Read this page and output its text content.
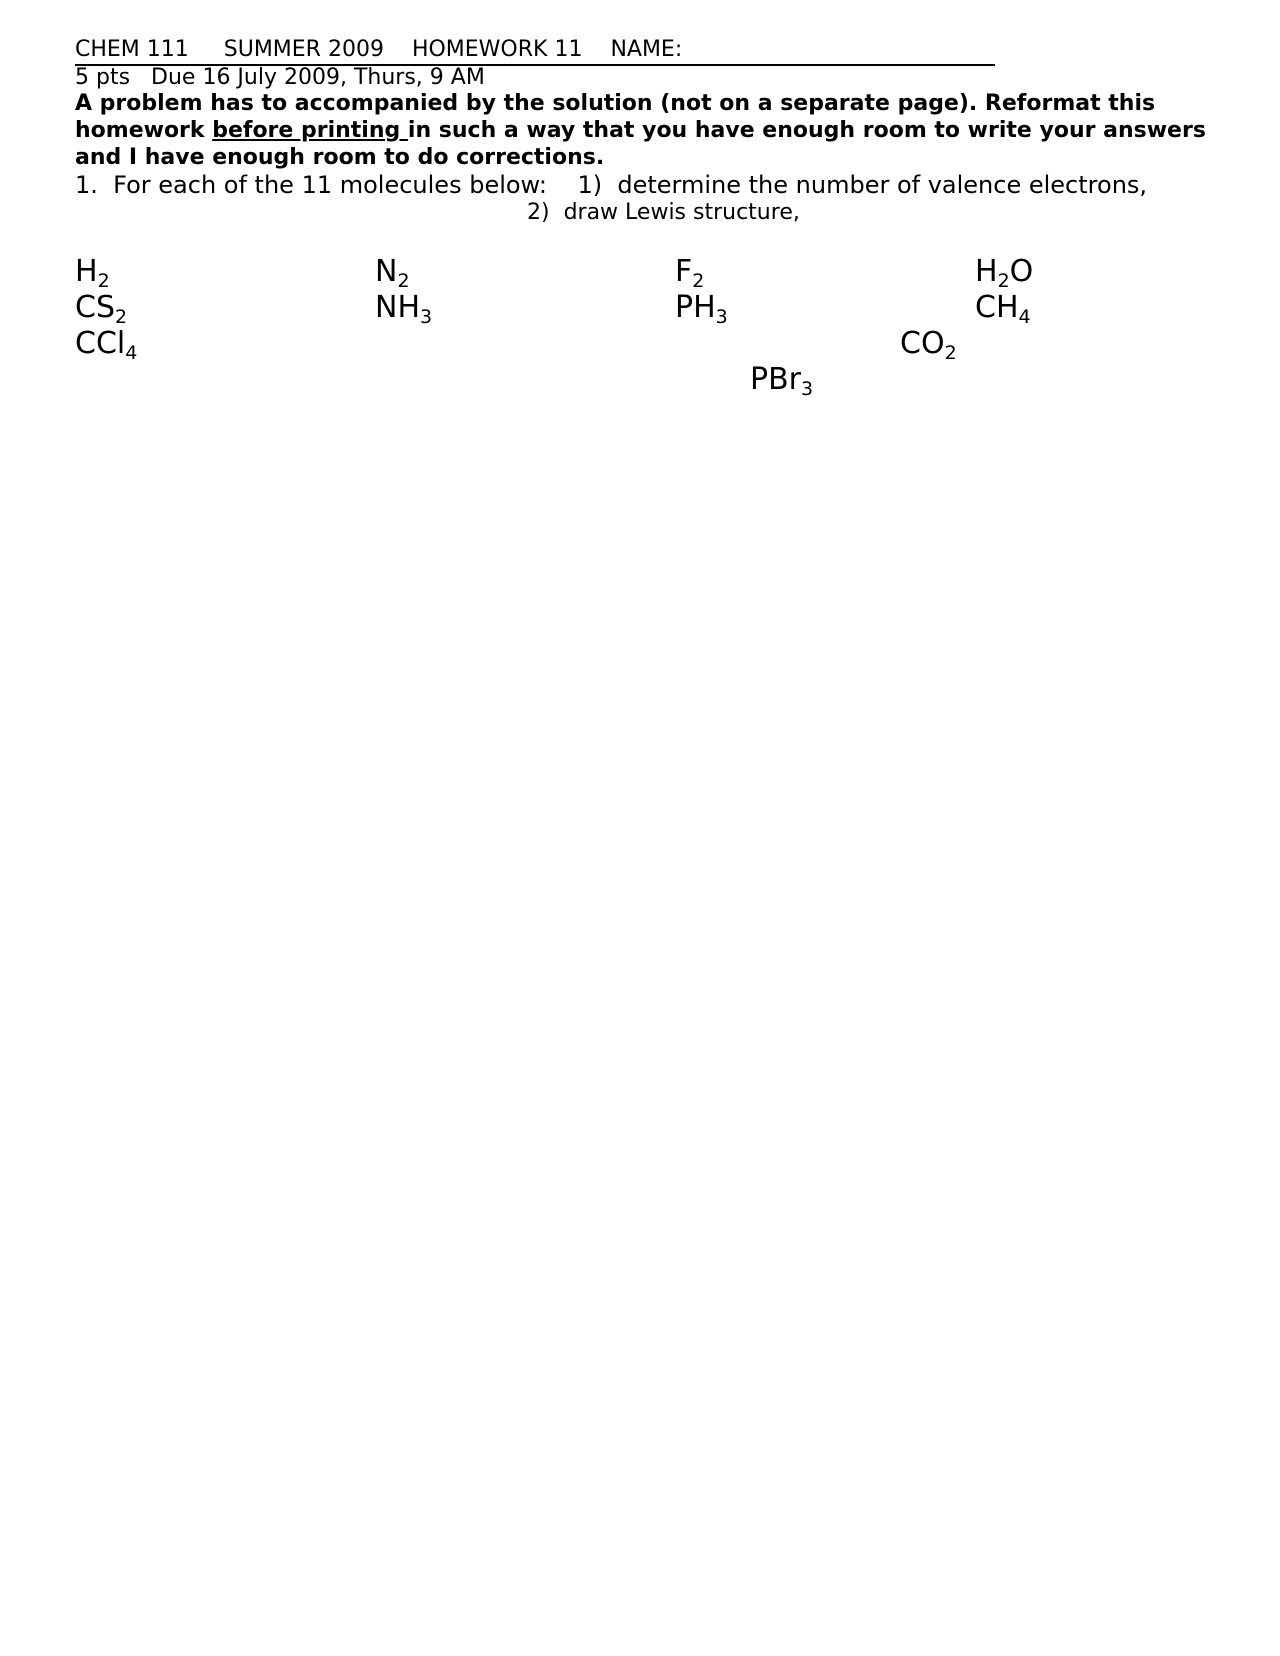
CHEM 111 SUMMER 2009 HOMEWORK 11 NAME:
5 pts Due 16 July 2009, Thurs, 9 AM
A problem has to accompanied by the solution (not on a separate page). Reformat this homework before printing in such a way that you have enough room to write your answers and I have enough room to do corrections.
1.  For each of the 11 molecules below:    1)  determine the number of valence electrons,
2)  draw Lewis structure,
$H_2$	$N_2$	$F_2$	$H_2O$
$CS_2$	$NH_3$	$PH_3$	$CH_4$
CCl$_4$	$CO_2$
PBr$_3$
